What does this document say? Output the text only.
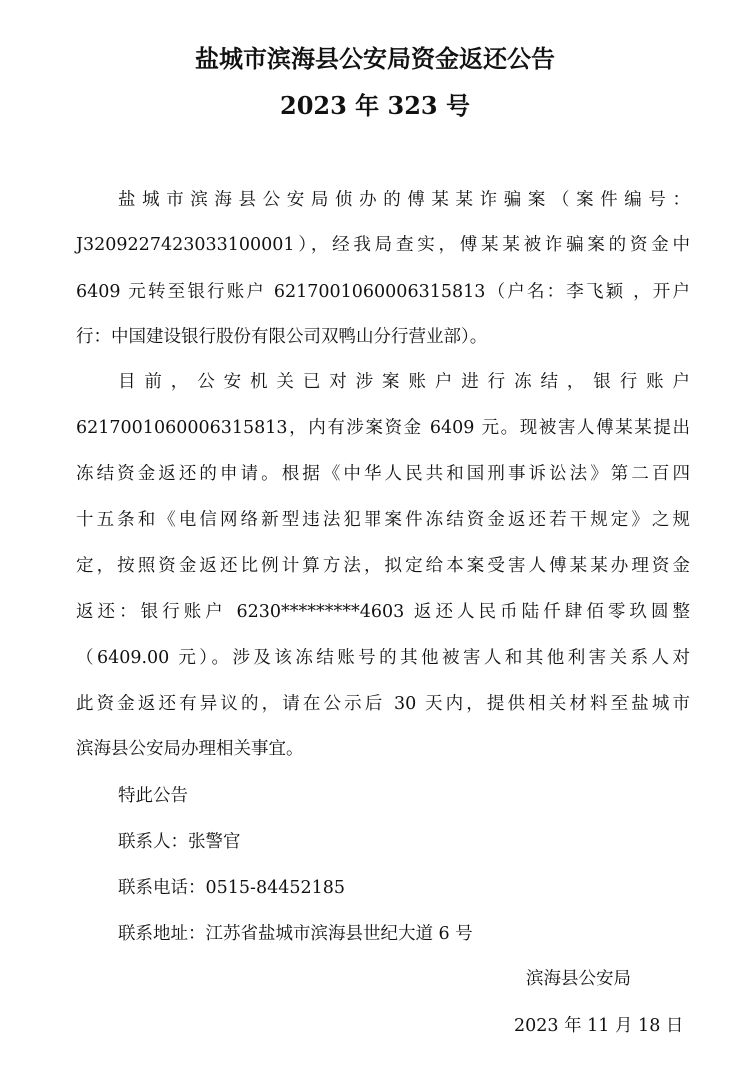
盐城市滨海县公安局资金返还公告
2023 年 323 号

盐城市滨海县公安局侦办的傅某某诈骗案（案件编号：

J3209227423033100001），经我局查实，傅某某被诈骗案的资金中

6409 元转至银行账户 6217001060006315813（户名：李飞颖 ，开户

行：中国建设银行股份有限公司双鸭山分行营业部）。

目前，公安机关已对涉案账户进行冻结，银行账户

6217001060006315813，内有涉案资金 6409 元。现被害人傅某某提出

冻结资金返还的申请。根据《中华人民共和国刑事诉讼法》第二百四

十五条和《电信网络新型违法犯罪案件冻结资金返还若干规定》之规

定，按照资金返还比例计算方法，拟定给本案受害人傅某某办理资金

返还：银行账户 6230*********4603 返还人民币陆仟肆佰零玖圆整

（6409.00 元）。涉及该冻结账号的其他被害人和其他利害关系人对

此资金返还有异议的，请在公示后 30 天内，提供相关材料至盐城市

滨海县公安局办理相关事宜。

特此公告

联系人：张警官

联系电话：0515-84452185

联系地址：江苏省盐城市滨海县世纪大道 6 号

滨海县公安局

2023 年 11 月 18 日
